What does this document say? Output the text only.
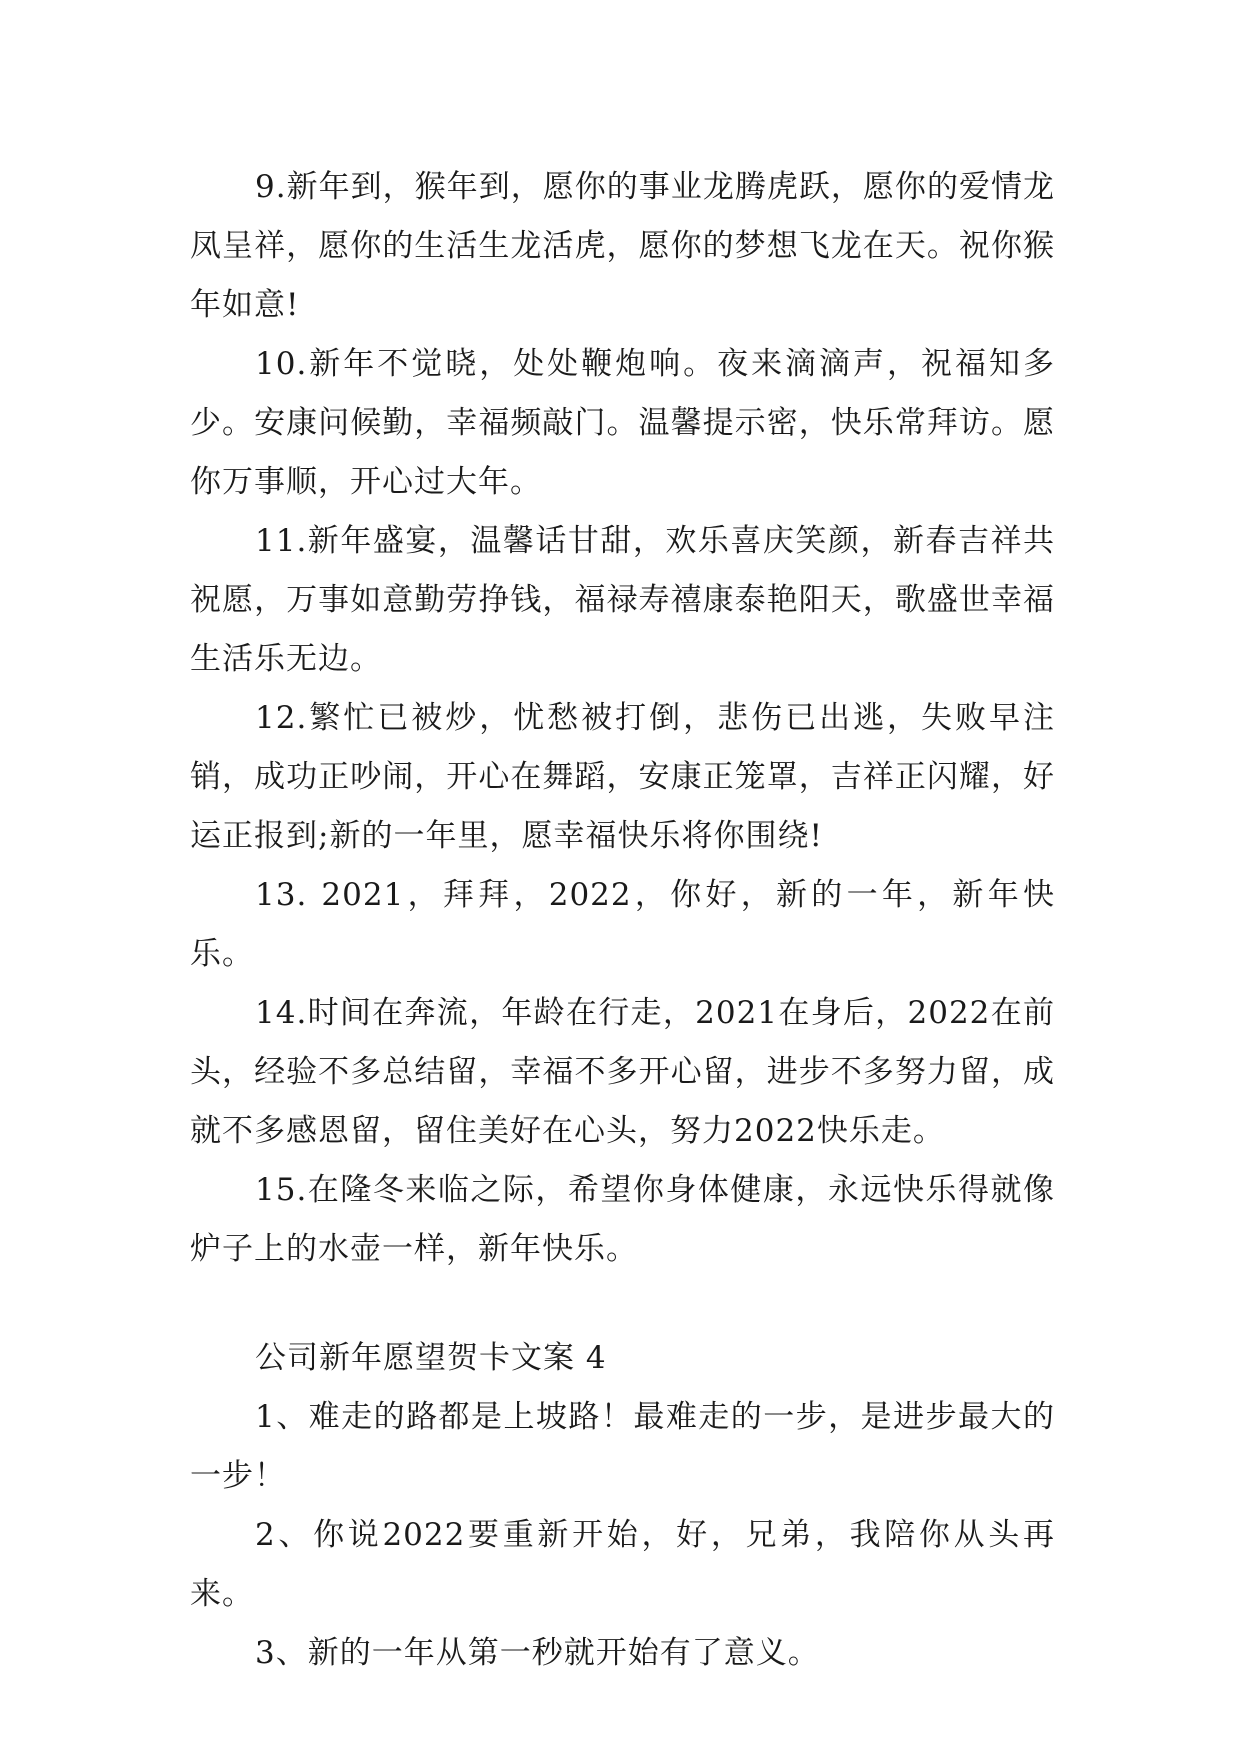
9.新年到，猴年到，愿你的事业龙腾虎跃，愿你的爱情龙凤呈祥，愿你的生活生龙活虎，愿你的梦想飞龙在天。祝你猴年如意!

10.新年不觉晓，处处鞭炮响。夜来滴滴声，祝福知多少。安康问候勤，幸福频敲门。温馨提示密，快乐常拜访。愿你万事顺，开心过大年。

11.新年盛宴，温馨话甘甜，欢乐喜庆笑颜，新春吉祥共祝愿，万事如意勤劳挣钱，福禄寿禧康泰艳阳天，歌盛世幸福生活乐无边。

12.繁忙已被炒，忧愁被打倒，悲伤已出逃，失败早注销，成功正吵闹，开心在舞蹈，安康正笼罩，吉祥正闪耀，好运正报到;新的一年里，愿幸福快乐将你围绕!

13. 2021，拜拜，2022，你好，新的一年，新年快乐。

14.时间在奔流，年龄在行走，2021在身后，2022在前头，经验不多总结留，幸福不多开心留，进步不多努力留，成就不多感恩留，留住美好在心头，努力2022快乐走。

15.在隆冬来临之际，希望你身体健康，永远快乐得就像炉子上的水壶一样，新年快乐。

公司新年愿望贺卡文案 4

1、难走的路都是上坡路！最难走的一步，是进步最大的一步！

2、你说2022要重新开始，好，兄弟，我陪你从头再来。

3、新的一年从第一秒就开始有了意义。
